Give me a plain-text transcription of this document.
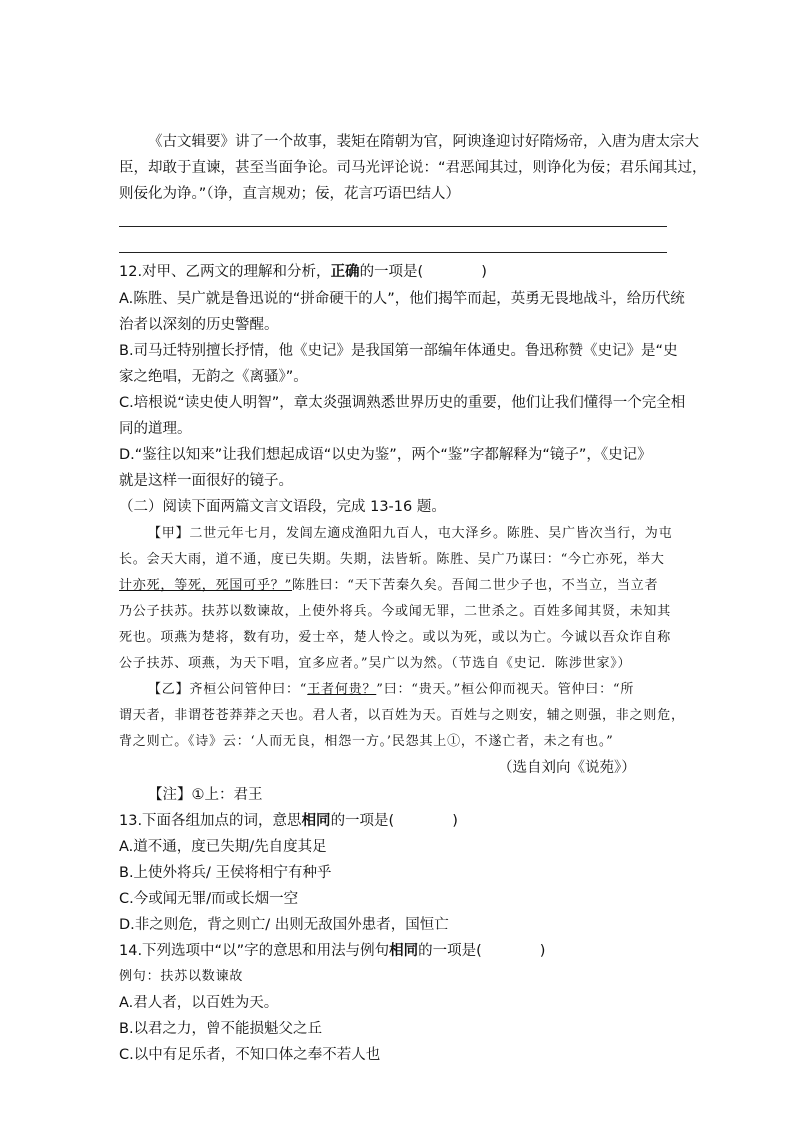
《古文辑要》讲了一个故事，裴矩在隋朝为官，阿谀逢迎讨好隋炀帝，入唐为唐太宗大
臣，却敢于直谏，甚至当面争论。司马光评论说：“君恶闻其过，则诤化为佞；君乐闻其过，
则佞化为诤。”（诤，直言规劝；佞，花言巧语巴结人）
12.对甲、乙两文的理解和分析，正确的一项是(　　　　)
A.陈胜、吴广就是鲁迅说的“拼命硬干的人”，他们揭竿而起，英勇无畏地战斗，给历代统
治者以深刻的历史警醒。
B.司马迁特别擅长抒情，他《史记》是我国第一部编年体通史。鲁迅称赞《史记》是“史
家之绝唱，无韵之《离骚》”。
C.培根说“读史使人明智”，章太炎强调熟悉世界历史的重要，他们让我们懂得一个完全相
同的道理。
D.“鉴往以知来”让我们想起成语“以史为鉴”，两个“鉴”字都解释为“镜子”，《史记》
就是这样一面很好的镜子。
（二）阅读下面两篇文言文语段，完成 13-16 题。
【甲】二世元年七月，发闾左適戍渔阳九百人，屯大泽乡。陈胜、吴广皆次当行，为屯
长。会天大雨，道不通，度已失期。失期，法皆斩。陈胜、吴广乃谋曰：“今亡亦死，举大
计亦死，等死，死国可乎？”陈胜曰：“天下苦秦久矣。吾闻二世少子也，不当立，当立者
乃公子扶苏。扶苏以数谏故，上使外将兵。今或闻无罪，二世杀之。百姓多闻其贤，未知其
死也。项燕为楚将，数有功，爱士卒，楚人怜之。或以为死，或以为亡。今诚以吾众诈自称
公子扶苏、项燕，为天下唱，宜多应者。”吴广以为然。（节选自《史记．陈涉世家》）
【乙】齐桓公问管仲曰：“王者何贵？”曰：“贵天。”桓公仰而视天。管仲曰：“所
谓天者，非谓苍苍莽莽之天也。君人者，以百姓为天。百姓与之则安，辅之则强，非之则危，
背之则亡。《诗》云：‘人而无良，相怨一方。’民怨其上①，不遂亡者，未之有也。”
（选自刘向《说苑》）
【注】①上：君王
13.下面各组加点的词，意思相同的一项是(　　　　)
A.道不通，度已失期/先自度其足
B.上使外将兵/ 王侯将相宁有种乎
C.今或闻无罪/而或长烟一空
D.非之则危，背之则亡/ 出则无敌国外患者，国恒亡
14.下列选项中“以”字的意思和用法与例句相同的一项是(　　　　)
例句：扶苏以数谏故
A.君人者，以百姓为天。
B.以君之力，曾不能损魁父之丘
C.以中有足乐者，不知口体之奉不若人也
